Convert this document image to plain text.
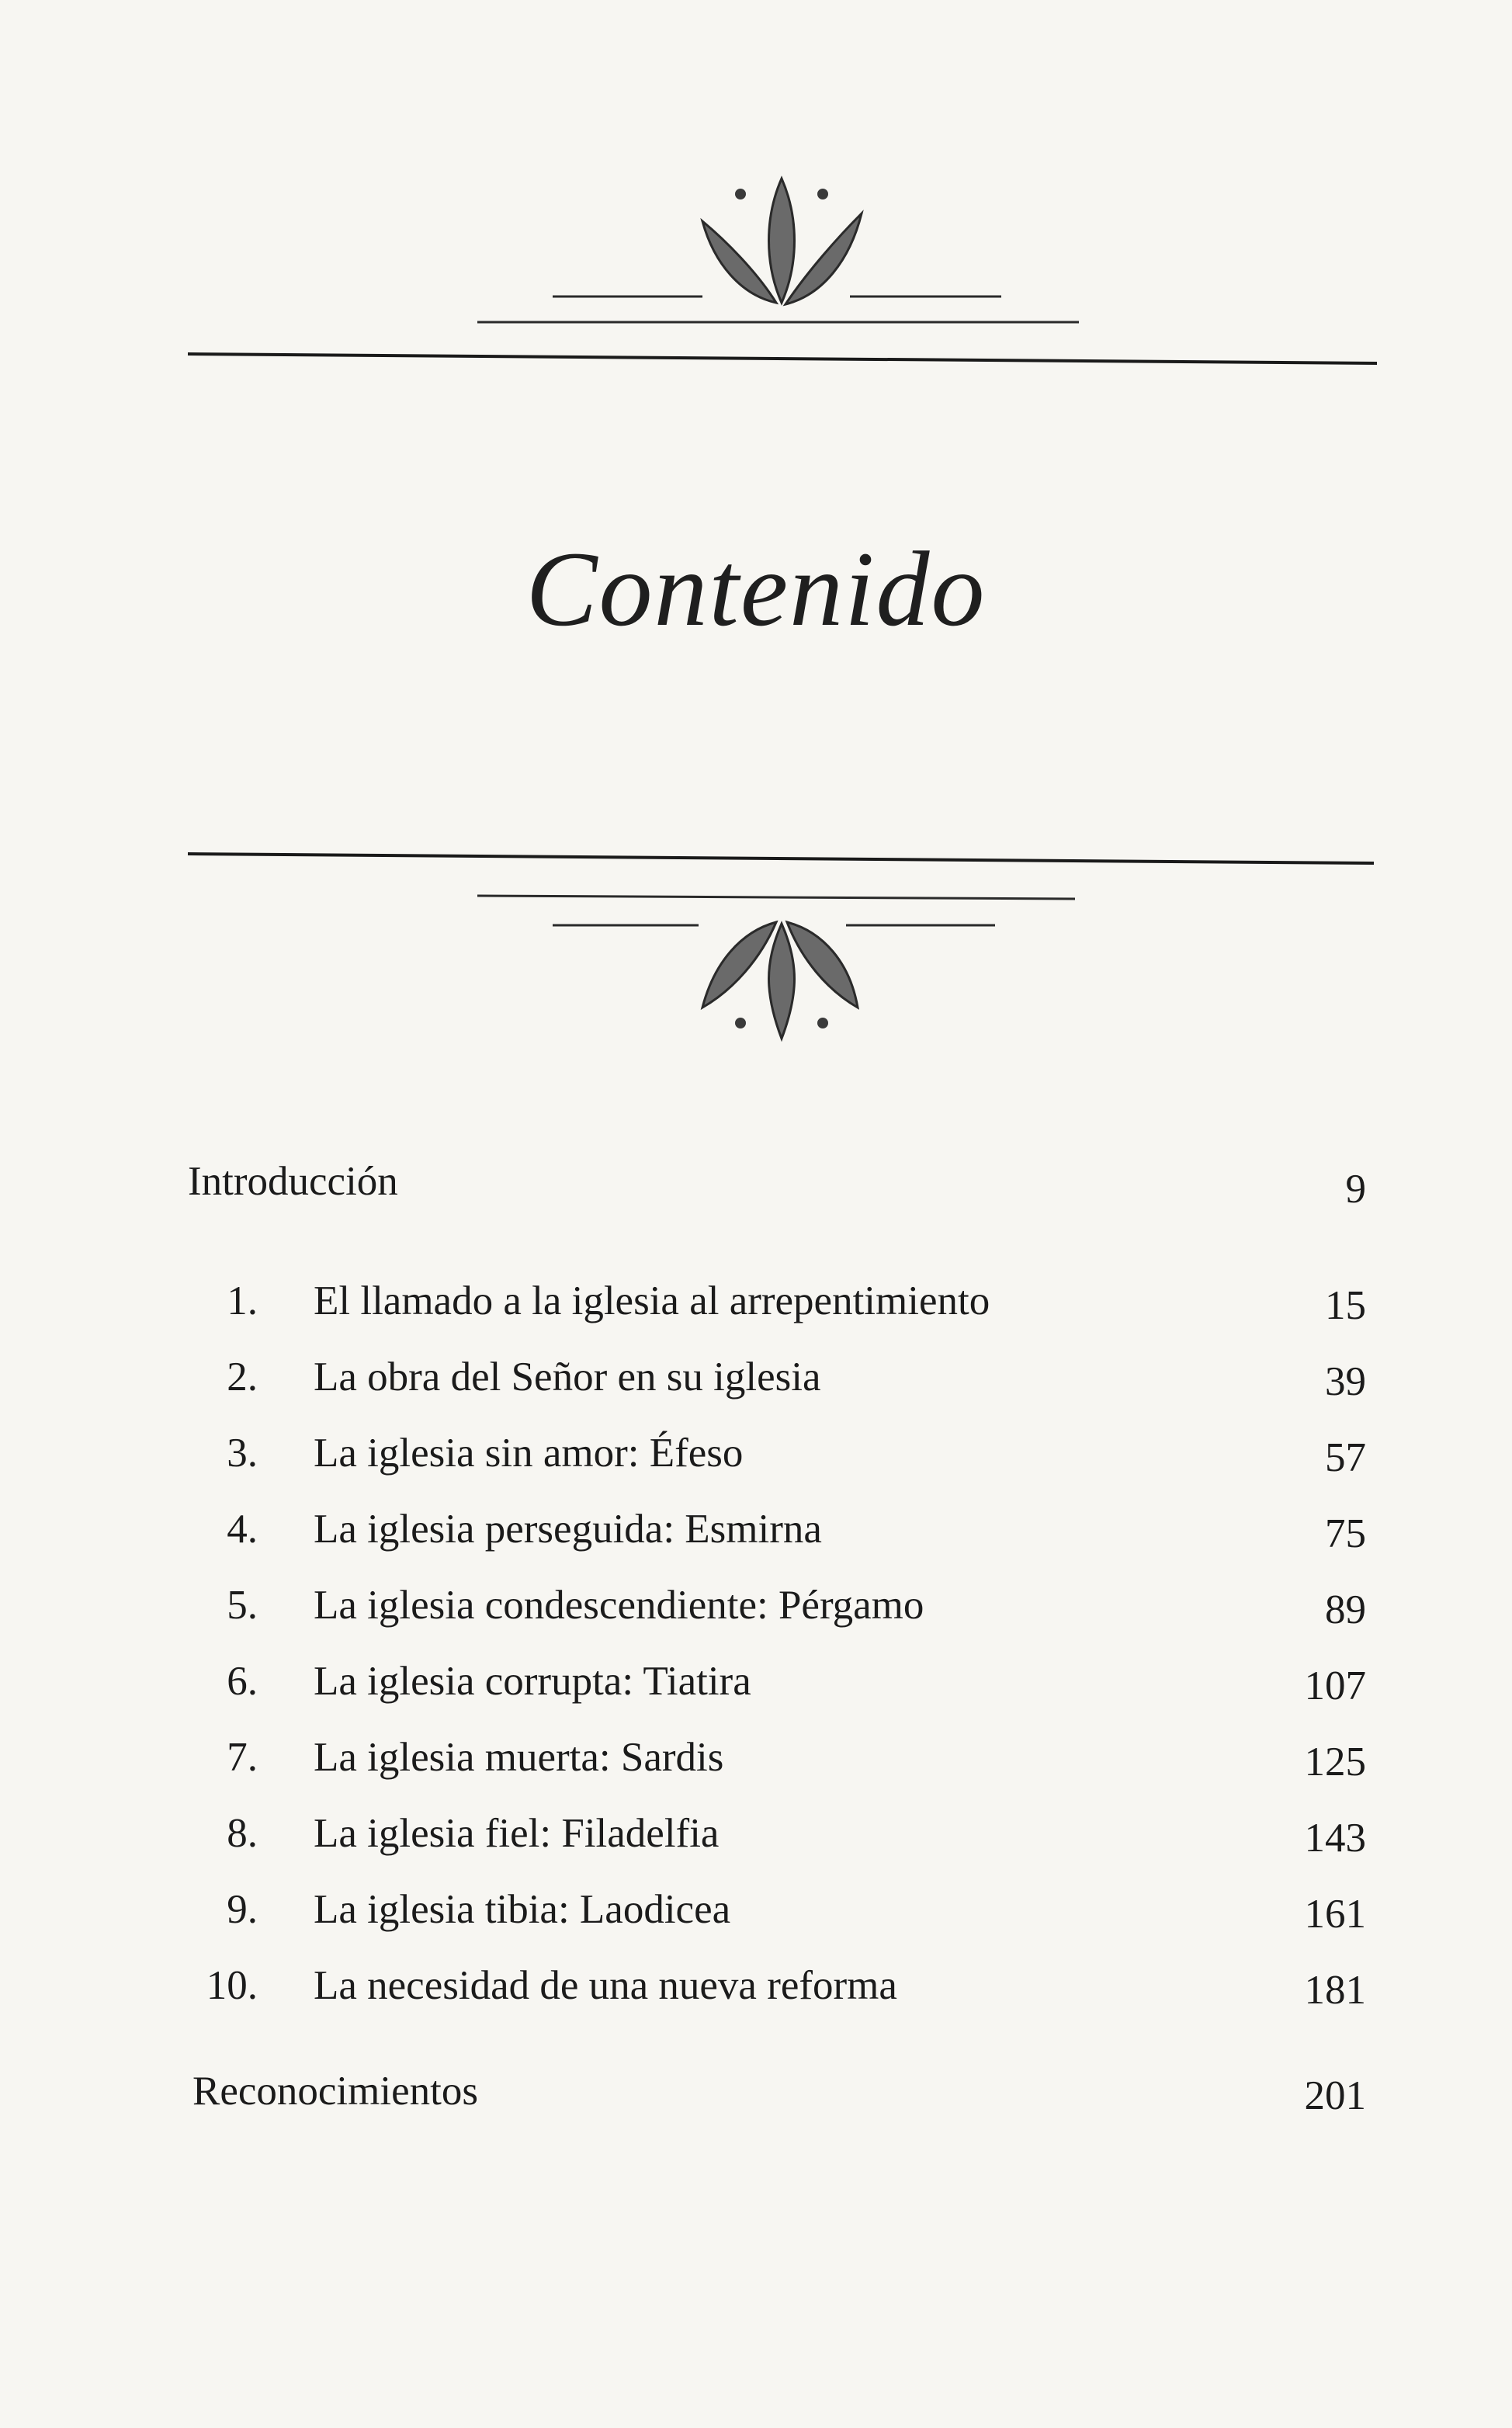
Contenido
Introducción	9
1. El llamado a la iglesia al arrepentimiento	15
2. La obra del Señor en su iglesia	39
3. La iglesia sin amor: Éfeso	57
4. La iglesia perseguida: Esmirna	75
5. La iglesia condescendiente: Pérgamo	89
6. La iglesia corrupta: Tiatira	107
7. La iglesia muerta: Sardis	125
8. La iglesia fiel: Filadelfia	143
9. La iglesia tibia: Laodicea	161
10. La necesidad de una nueva reforma	181
Reconocimientos	201
